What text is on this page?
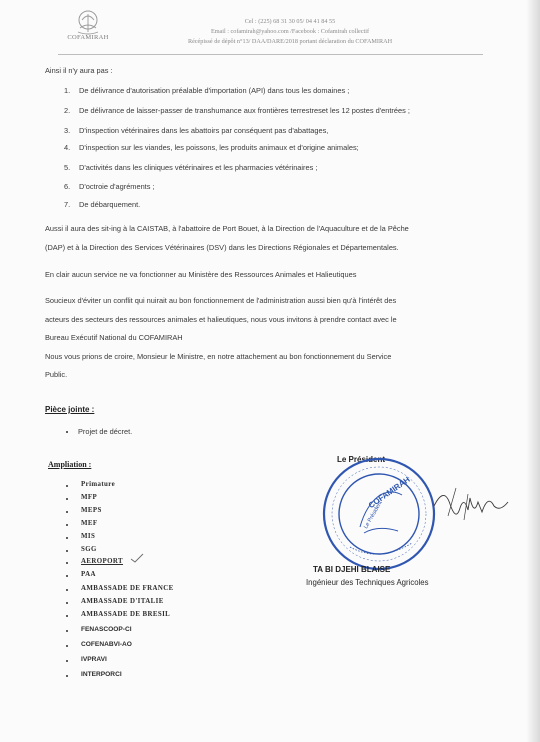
COFAMIRAH
Cel : (225) 68 31 30 05/ 04 41 84 55
Email : cofamirah@yahoo.com /Facebook : Cofamirah collectif
Récépissé de dépôt n°13/ DAA/DARE/2018 portant déclaration du COFAMIRAH
Ainsi il n'y aura pas :
1. De délivrance d'autorisation préalable d'importation (API) dans tous les domaines ;
2. De délivrance de laisser-passer de transhumance aux frontières terrestreset les 12 postes d'entrées ;
3. D'inspection vétérinaires dans les abattoirs par conséquent pas d'abattages,
4. D'inspection sur les viandes, les poissons, les produits animaux et d'origine animales;
5. D'activités dans les cliniques vétérinaires et les pharmacies vétérinaires ;
6. D'octroie d'agréments ;
7. De débarquement.
Aussi il aura des sit-ing à la CAISTAB, à l'abattoire de Port Bouet, à la Direction de l'Aquaculture et de la Pêche
(DAP) et à la Direction des Services Vétérinaires (DSV) dans les Directions Régionales et Départementales.
En clair aucun service ne va fonctionner au Ministère des Ressources Animales et Halieutiques
Soucieux d'éviter un conflit qui nuirait au bon fonctionnement de l'administration aussi bien qu'à l'intérêt des
acteurs des secteurs des ressources animales et halieutiques, nous vous invitons à prendre contact avec le
Bureau Exécutif National du COFAMIRAH
Nous vous prions de croire, Monsieur le Ministre, en notre attachement au bon fonctionnement du Service
Public.
Pièce jointe :
Projet de décret.
Ampliation :
Primature
MFP
MEPS
MEF
MIS
SGG
AEROPORT
PAA
AMBASSADE DE FRANCE
AMBASSADE D'ITALIE
AMBASSADE DE BRESIL
FENASCOOP-CI
COFENABVI-AO
IVPRAVI
INTERPORCI
Le Président
COFAMIRAH
Le Président
TA BI DJEHI BLAISE
Ingénieur des Techniques Agricoles
